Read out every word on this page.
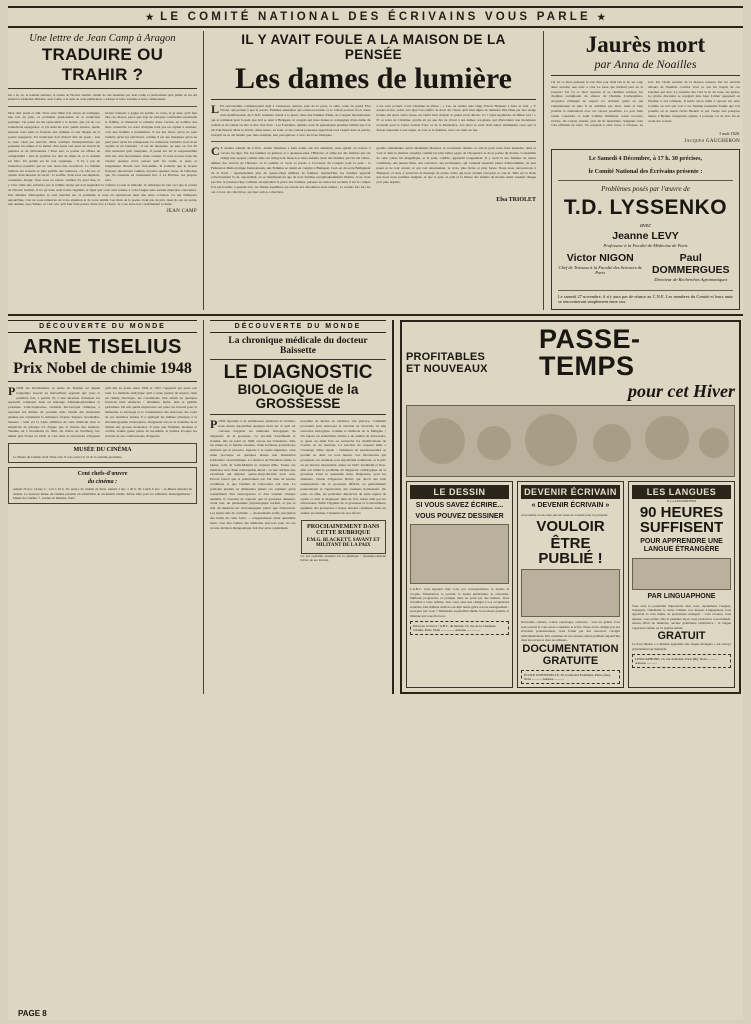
★ LE COMITÉ NATIONAL DES ÉCRIVAINS VOUS PARLE ★
Une lettre de Jean Camp à Aragon
TRADUIRE OU TRAHIR ?
On a lu, on, la traduire derniere, le roman de Nicolas Guillen, traduit de très ensemble par Jean Camp et préfacement qu'il publié en lui qui entend la traduction littéraire. Jean Camp, à la suite de cette publication, a adressé la lettre suivante à notre collaborateur.
Mon cher poète et ami, Vous avez mille fois raison de souligner, une fois de plus, ce problème passionnant de la traduction poétique. J'ai passé un bel après-midi à la lecture que j'ai de vos traductions espagnoles, et j'ai senti les avec quelle aisance, quelle justesse vous pliez le français aux rythmes et aux images de la poésie espagnole. Un traducteur doit d'abord être un poète : tout le reste vient par surcroît. Mais combien d'interprétations qui prennent les armes et le métier d'un poète réel pour un travail de patience et de dictionnaire ! Pour eux, la poésie est affaire de comptabilité : tant de syllabes ici, tant de rimes là, et la somme est faite. Un poème est un tout organique : il n'y a pas de traduction possible qui ne soit aussi une recréation. La fidélité littérale est souvent la plus perfide des trahisons, car elle tue ce qu'elle avait mission de servir : le souffle. Vous avez osé déplacer, condenser, élargir. Vous avez eu raison. Guillen n'y perd rien, le lecteur français y gagne un poème. Je crois, et je sens, qu'il faut dire ces choses, parce que trop de critiques confondent exactitude et fidélité, et mesurent la réussite d'une version au nombre des mots conservés. Le texte d'origine n'est pas un capital à restituer, c'est une flamme à transmettre. Il est des livres qu'on ne peut traduire qu'en les réécrivant, comme il est des musiques qu'on ne peut jouer qu'en les transposant. Le traducteur véritable n'est ni un copiste ni un faussaire : il est un interprète, au sens où l'on dit d'un musicien qu'il interprète. Il prend sur lui la responsabilité d'un ton, d'un mouvement, d'une couleur. Si vous trouvez dans ma version quelque écart, pensez qu'il fut voulu, et pesé, et longuement discuté avec moi-même. Je souhaite que le lecteur français, découvrant Guillen, éprouve quelque chose de l'émotion que j'ai ressentie en l'entendant lire, à La Havane, ses propres vers.
y votre traité une autrefois que la rythme donne qui doit engendrer la cadence à toute sa mélodie. Je remarque de tout ceci que le sonnet de Nicolas Guillen, il n'a pu dans cette forme régulière et figée que vous avez rendue à votre langue sans aucune mauvaise conscience. Des dizaines d'interprètes se sont penchés sur ce problème et nous en reparlerons dans une autre occasion. Ce qui m'importe aujourd'hui, c'est de vous remercier de votre attention et de votre amitié. Les mots de la poésie n'ont pas de prix, mais ils ont un poids, une densité, une chaleur, et c'est cela qu'il faut faire passer d'une rive à l'autre. Je vous serre très cordialement la main.
JEAN CAMP
IL Y AVAIT FOULE A LA MAISON DE LA PENSÉE
Les dames de lumière
LES retrouvailles commençaient déjà à s'annoncer, debout, près de la porte, la salle, toute de grand Elsa Triolet, qui prenait à peu la parole. Femmes entendues qui s'entre-racontent ce le roman pouvait avoir relaté cette manifestation du C.N.E. hommes cèdent à la place; dans une femmes d'âme, au Congrès internationale qui se terminait pour la paix que doit se tenir à Budapest, le congrès qui nous dames et compagnes d'une dame du roulent et du roman où elle la dire d'un livre : Les Fontaines, animés, dont ils agisselaient pendant s'utilité que l'on dit d'un Eluard. Mais le devoir, d'une heure, au fond, et les connaît poétesses apprécient tous l'esprit dans la parole, lorsqu'il ne se dit bientôt que, mes exemple, leur perceptions, à avec les bons fabriqués.
à les voix portent. C'est Christine de Pisan : « Las, ne cuidez ains vingt d'avoir Honneur à faire le solé. » Y aurons-tu lire, selon cela Que l'on souffre de droit ail, Chose qu'il bien digne de mémoire Des Dieu par une vierge honnie Ait après vente chose, est vérité Tant d'espoir le grand avoir dévote. Ce ? Quel Apothéose où fâmes lors ! » Et ce texte de Christine, qu'elle ait pu que dès de vivoir à ses dames con-gistes, qui d'introduire une moisissure nouvelle pour le bonne Jeanne d'Arc et de la Résistance. Les mots la cœur était autres maintenant ceux que la Parole répondait à son règne, la voix et la manière, avec ces traits de feu.
CE dernier samedi du C.N.E., André Wurmser a bien voulu, sur ma demande, nous guider au travers à travers les âges. Par des femmes en général, et à quelques-unes, l'Histoire, et aidée par des femmes qui ont rédigé leur épopée comme elles ont rédigé leur maison et leurs enfants, mais des femmes qui ont été vôtres-mêmes des œuvres de l'histoire. Je le somme ce avoir sa parole à l'occasion du Congrès pour la paix : la Fédération Démocratique Internationale des Femmes se réunit en congrès à Budapest. Ceci est du sorte Belligérant de la Paris : représentantes plus de quatre-vingt millions de femmes. Aujourd'hui, les femmes apparaît collectivement là où, aujourd'hui, on se manifesteront que de trois femmes exceptionnellement illustre. Je ne crois pas être ni-j'assiste-l'âge combien exceptionnel la place des femmes, puisque en toutes les sociétés il est la compte fort par-trouble, à présent avec les faibles équilibres qui savent des dévolution leurs dames ; le voulais fort fort les ont à force de collectives, par leur action collectives.
grande comédienne qu'est Madeleine Renaud, se trouvèrent réunies ce soir-là pour nous faire entendre, dans la voix et dans la matière actuelles comme les plus belles pages de l'éloquence et de la poésie du monde. L'ensemble de cette soirée fut magnifique, et la salle, comble, applaudit longuement. Il y avait là des femmes de toutes conditions, des jeunes filles, des ouvrières, des professeurs, qui venaient entendre parler d'elles-mêmes, de leur passé et de leur avenir, et qui s'en retournaient, je crois, plus fières et plus fortes. Nous nous retrouverons à Budapest, et nous y porterons le message de toutes celles qui nous avaient envoyées ce soir-là. Telle est la tâche que nous nous sommes assignée, et que la paix, le pain et la liberté des enfants du monde entier rendent chaque jour plus urgente.
Elsa TRIOLET
Jaurès mort
par Anna de Noailles
J'ai vu ce mort puissant le soir d'un jour d'été Où le lit, un coup amer arrache, une toile à côté Le beau qui dormait près de la pourpre! J'ai vu ce mort superbe et sa chambre sonnore Un chambre s'emplissait du silence de l'homme L'atmosphère, arrogance échangée de respect Ce dormeur gratte en qui s'emplissaient ni plus Il ne semblait pas mort, mais si bien proibilé Il s'entendrait avec les choses possibles. La jour d'été venait construire ce seuil Comme l'immense océan recouvre l'orbite. On restait, instant, près du lit meurtrière, Sanglant cette voix affirmée de taire. Un songeait à cette force, à l'ivresse, au sort. Par l'éveil escalier de la maison sonnore Par les anciens détours de l'humble corridor Tout ce qui fut l'esprit de ces bouches qui dort, Le tonnerre des voix le lit du nous, les gestes, Le glaive discutant se rejoignit plus haut L'éther appreneil ou l'hymne à son tombeau, Il tenda qu'on remit à reposer sur terre Comme on voit que voir à ces flamme tranquille Tandis que l'on posaille où se réunit l'écho Bientôt le pur visage aux pourpres lentes, L'Hymne s'engendra, agitate, à ponctue, Ce de bois fut en avant des croisés.
3 août 1920.
Jacques GAUCHERON
Le Samedi 4 Décembre, à 17 h. 30 précises,
le Comité National des Écrivains présente :
Problèmes posés par l'œuvre de
T.D. LYSSENKO
avec
Jeanne LEVY
Professeur à la Faculté de Médecine de Paris
Victor NIGON
Chef de Travaux à la Faculté des Sciences de Paris
Paul DOMMERGUES
Directeur de Recherches Agronomiques
Le samedi 27 novembre, il n'y aura pas de séance au C.N.E. Les membres du Comité et leurs amis se rencontreront simplement entre eux.
DÉCOUVERTE DU MONDE
ARNE TISELIUS
Prix Nobel de chimie 1948
POUR les biochimistes, le terme de Tiselius est depuis longtemps associé au merveilleux appareil qui, pour la première fois, a permis d'y a une décennie d'analyser les appareils composés dans un mélange d'immunoglobulines et protéines. L'électrophorèse, véritable microscopie chimique, a repoussé les limites du possible dans l'étude des molécules géantes qui constituent la substance vivante. Séparer, reconnaître, mesurer : telle est la triple ambition de cette méthode dont la simplicité de principe n'a d'égale que la finesse des résultats. Tiselius, né à Stockholm en 1902, fut l'élève de Svedberg, lui-même prix Nobel en 1926, et c'est dans le laboratoire d'Uppsala qu'il mit au point, entre 1930 et 1937, l'appareil qui porte son nom. La méthode analytique qu'il a créée permet de séparer, dans un champ électrique, les constituants d'un sérum en quelques fractions bien distinctes : albumine, alpha, bêta et gamma globulines. On sait quelle importance ont prise ces travaux pour la médecine, la sérologie et la connaissance des anticorps. Au cours de ces dernières années il a appliqué les mêmes principes à la chromatographie d'adsorption, élargissant encore le domaine de la chimie des grosses molécules. Il reste que l'homme, modeste et cordial, n'aime guère parler de lui-même, et préfère évoquer les travaux de ses collaborateurs d'Uppsala.
MUSÉE DU CINÉMA
Le Musée du Cinéma vient d'être créé. Il sera ouvert le 22 de la semaine prochaine.
Cent chefs-d'œuvre
du cinéma :
samedi 20 nov. Classe 2 : voir à 20 h. 30, séance du cinéma de Paris, samedi 4 déc. à 20 h. 30. Lundi 6 nov. : au Musée national du cinéma. Le nouveau musée du Cinéma présente un échantillon de documents inédits. Entrée libre pour les adhérents. Renseignements : Musée du Cinéma, 7, avenue de Messine, Paris.
PAGE 8
DÉCOUVERTE DU MONDE
La chronique médicale du docteur Baissette
LE DIAGNOSTIC
BIOLOGIQUE de la GROSSESSE
POUR répondre à de nombreuses questions de lecteurs, nous dirons aujourd'hui quelques mots sur ce qu'il est convenu d'appeler les méthodes biologiques du diagnostic de la grossesse. Le procédé d'Aschheim et Zondek, mis au point en 1928, repose sur l'existence, dans les urines de la femme enceinte, d'une hormone gonadotrope élaborée par le placenta. Injectée à la souris impubère, cette urine provoque en quelques heures une maturation folliculaire caractéristique. La réaction de Friedman utilise la lapine, celle de Galli-Mainini le crapaud mâle. Toutes ces méthodes sont d'une remarquable sûreté : on leur attribue une exactitude qui dépasse quatre-vingt-dix-huit pour cent. Encore faut-il que le prélèvement soit fait dans de bonnes conditions et que l'animal de laboratoire soit sain. Le praticien prudent ne demandera jamais ces examens qu'en complément d'un interrogatoire et d'un examen clinique attentifs. Il convient de rappeler que la grossesse demeure, avant tout, un phénomène physiologique normal, et que le rôle du médecin est d'accompagner plutôt que d'intervenir. Les signes dits de certitude — mouvements actifs, perception des bruits du cœur fœtal — n'apparaissent qu'au quatrième mois; c'est dire l'utilité des méthodes précoces pour les cas où une décision thérapeutique doit être prise rapidement.
propriété de mettre en évidence très précoce. Comment procèdent pour antici-per la réaction de Snowick, ici une rencontre biologique. Comme la méthode de la Mangine ? On injecte un échantillon d'urine à un animal de laboratoire, et après un délai fixé on recherche les modifications de l'ovaire ou du testicule. La réaction du crapaud mâle a l'avantage d'être rapide : l'émission de spermatozoïdes se produit en deux ou trois heures. Les laboratoires qui pratiquent ces examens sont aujourd'hui nombreux, et le prix en est devenu raisonnable. Ainsi, en 1947, Aschheim et Kon-drik ont réfuté le problème du diagnostic radiologique de la grossesse avant le quatrième mois. Rappelons, pour les amateurs, l'étude d'Ogarreux Bertil, qui décrit des faits remarquables sur la grossesse difficile ou partiellement passionnante et l'application des examens hormonaux. On reste, en effet, les praticiens dépourvus de toute espèce de repère et dont le diagnostic tient de l'art, laissé utile par les laboratoires. Enfin l'hygiène de la grossesse et la surveillance régulière des grossesses à risque doivent constituer, dans les années prochaines, l'essentiel de nos efforts.
PROCHAINEMENT DANS CETTE RUBRIQUE
P.M.G. BLACKETT, SAVANT ET MILITANT DE LA PAIX
Ce qui capitalité essentiel sur la génétique : lyssenguo-mendel brèves de ses travaux.
PROFITABLES
ET NOUVEAUX
PASSE-TEMPS
pour cet Hiver
LE DESSIN
SI VOUS SAVEZ ÉCRIRE...
VOUS POUVEZ DESSINER
L'A.B.C. vous apprend chez vous, par correspondance, le dessin, le croquis, l'illustration, le portrait, le dessin publicitaire, la caricature. Méthode progressive et pratique mise au point par des maîtres. Vous travaillez à votre rythme, chez vous, sans rien changer à vos occupations actuelles. Des milliers d'élèves ont déjà réussi grâce à notre enseignement : pourquoi pas vous ? Demandez aujourd'hui même la brochure gratuite et illustrée qui vous dira tout.
Envoyez ce bon à : A.B.C. du Dessin, 12, rue de la Chaussée-d'Antin, Paris. Nom ................ Adresse ................
DEVENIR ÉCRIVAIN
« DEVENIR ÉCRIVAIN »
est possible à tous ceux qui ont assez de volonté pour s'y préparer.
VOULOIR
ÊTRE PUBLIÉ !
Nouvelles, romans, contes, reportages, scénarios : tous les genres vous sont ouverts si vous savez construire et écrire. Notre école, dirigée par des écrivains professionnels, vous forme par des exercices corrigés individuellement. Des centaines de nos anciens élèves publient aujourd'hui dans les revues et chez les éditeurs.
DOCUMENTATION GRATUITE
ÉCOLE UNIVERSELLE, 59, boulevard Exelmans, Paris (16e). Nom ............ Adresse ............
LES LANGUES
Il y a AUJOURD'HUI
90 HEURES SUFFISENT
POUR APPRENDRE UNE LANGUE ÉTRANGÈRE
PAR LINGUAPHONE
Vous avez la possibilité d'apprendre chez vous, rapidement, l'anglais, l'espagnol, l'allemand, le russe, l'italien. Les disques Linguaphone vous apportent la voix même de professeurs étrangers : vous écoutez, vous répétez, vous parlez. Dès la première leçon vous prononcez correctement. Aucun effort de mémoire, aucune grammaire rébarbative : la langue s'apprend comme on l'a apprise enfant.
GRATUIT
Le livre illustré « Comment apprendre une langue étrangère » est envoyé gratuitement sur demande.
LINGUAPHONE, 14, rue de Rome, Paris (8e). Nom ............ Adresse ............
